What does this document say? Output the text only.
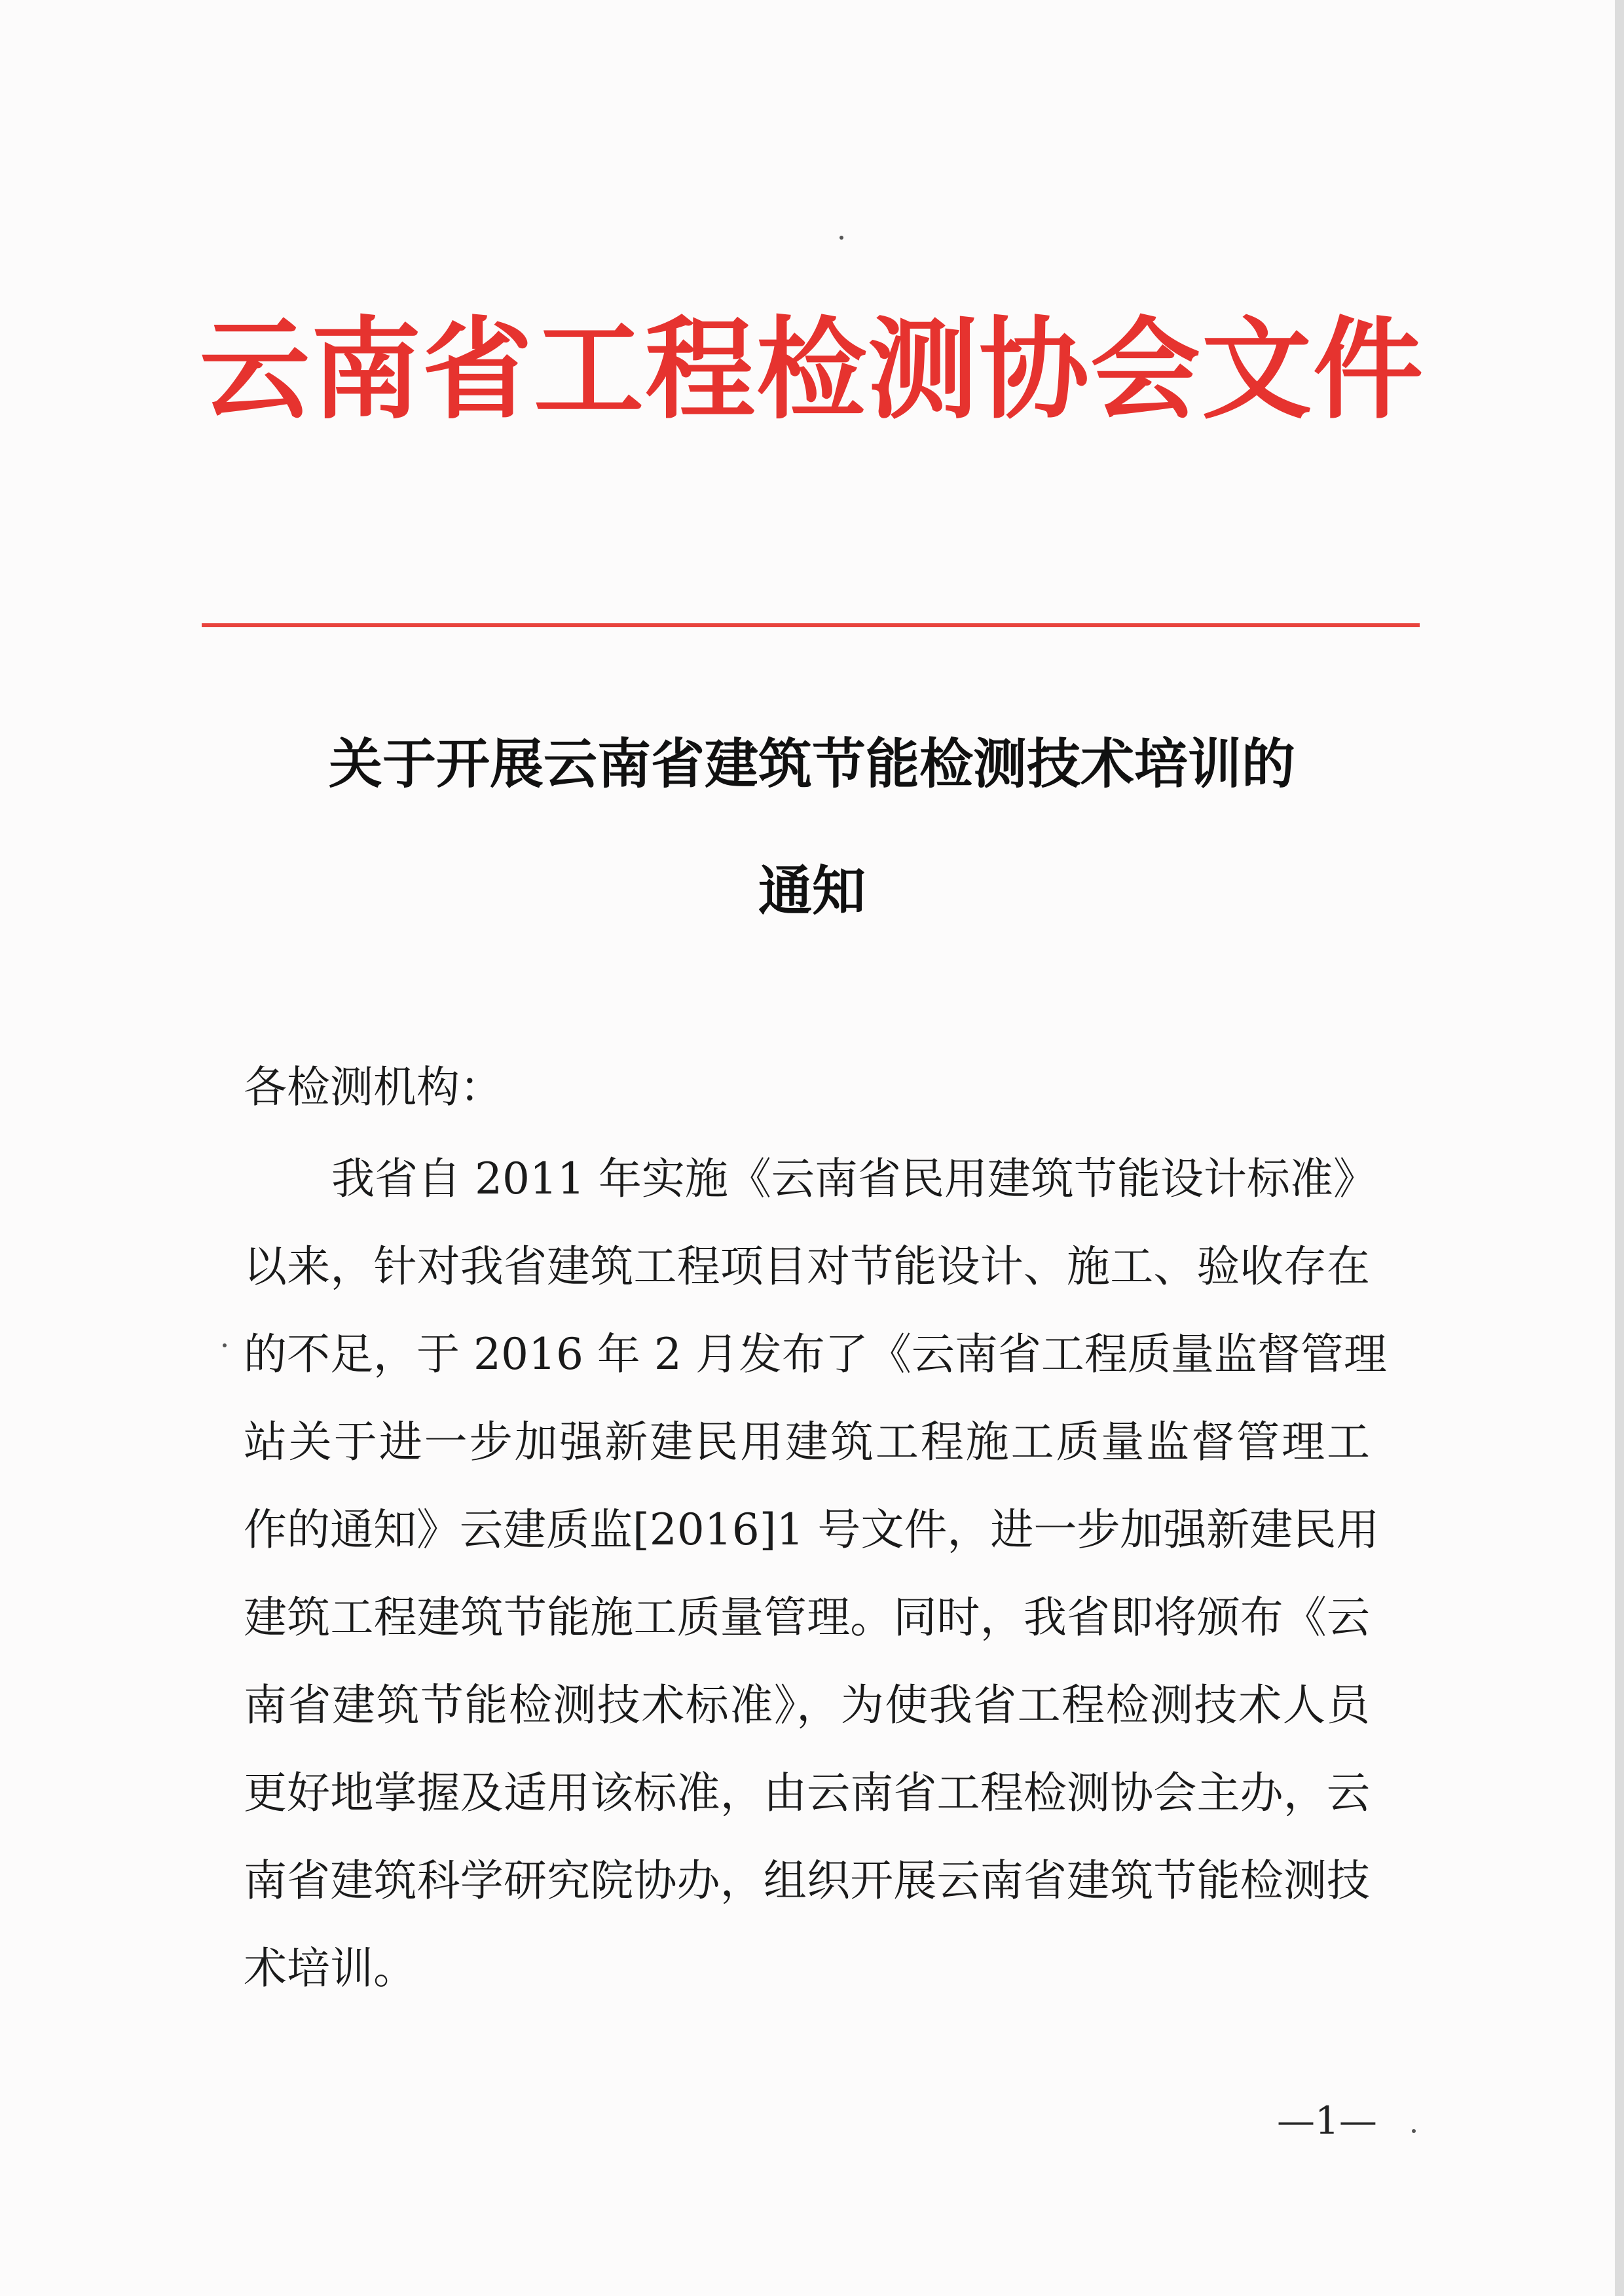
云南省工程检测协会文件
关于开展云南省建筑节能检测技术培训的
通知
各检测机构：
我省自 2011 年实施《云南省民用建筑节能设计标准》
以来，针对我省建筑工程项目对节能设计、施工、验收存在
的不足，于 2016 年 2 月发布了《云南省工程质量监督管理
站关于进一步加强新建民用建筑工程施工质量监督管理工
作的通知》云建质监[2016]1 号文件，进一步加强新建民用
建筑工程建筑节能施工质量管理。同时，我省即将颁布《云
南省建筑节能检测技术标准》，为使我省工程检测技术人员
更好地掌握及适用该标准，由云南省工程检测协会主办，云
南省建筑科学研究院协办，组织开展云南省建筑节能检测技
术培训。
—1—
